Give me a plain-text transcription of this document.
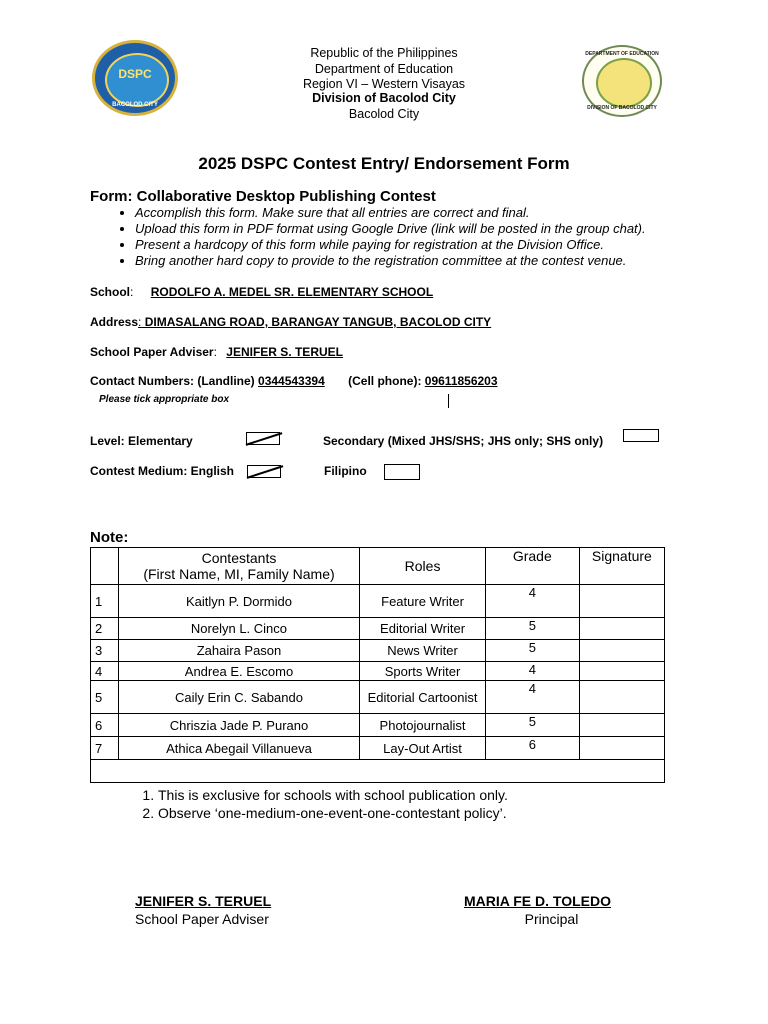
DSPC
BACOLOD CITY
DEPARTMENT OF EDUCATION
DIVISION OF BACOLOD CITY
Republic of the Philippines
Department of Education
Region VI – Western Visayas
Division of Bacolod City
Bacolod City
2025 DSPC Contest Entry/ Endorsement Form
Form: Collaborative Desktop Publishing Contest
• Accomplish this form. Make sure that all entries are correct and final.
• Upload this form in PDF format using Google Drive (link will be posted in the group chat).
• Present a hardcopy of this form while paying for registration at the Division Office.
• Bring another hard copy to provide to the registration committee at the contest venue.
School: RODOLFO A. MEDEL SR. ELEMENTARY SCHOOL
Address: DIMASALANG ROAD, BARANGAY TANGUB, BACOLOD CITY
School Paper Adviser: JENIFER S. TERUEL
Contact Numbers: (Landline) 0344543394 (Cell phone): 09611856203
Please tick appropriate box
Level: Elementary	Secondary (Mixed JHS/SHS; JHS only; SHS only)
Contest Medium: English	Filipino
Note:

	Contestants
(First Name, MI, Family Name)	Roles	Grade	Signature
1	Kaitlyn P. Dormido	Feature Writer	4	
2	Norelyn L. Cinco	Editorial Writer	5	
3	Zahaira Pason	News Writer	5	
4	Andrea E. Escomo	Sports Writer	4	
5	Caily Erin C. Sabando	Editorial Cartoonist	4	
6	Chriszia Jade P. Purano	Photojournalist	5	
7	Athica Abegail Villanueva	Lay-Out Artist	6	

1. This is exclusive for schools with school publication only.
2. Observe ‘one-medium-one-event-one-contestant policy’.
JENIFER S. TERUEL
School Paper Adviser
MARIA FE D. TOLEDO
Principal
